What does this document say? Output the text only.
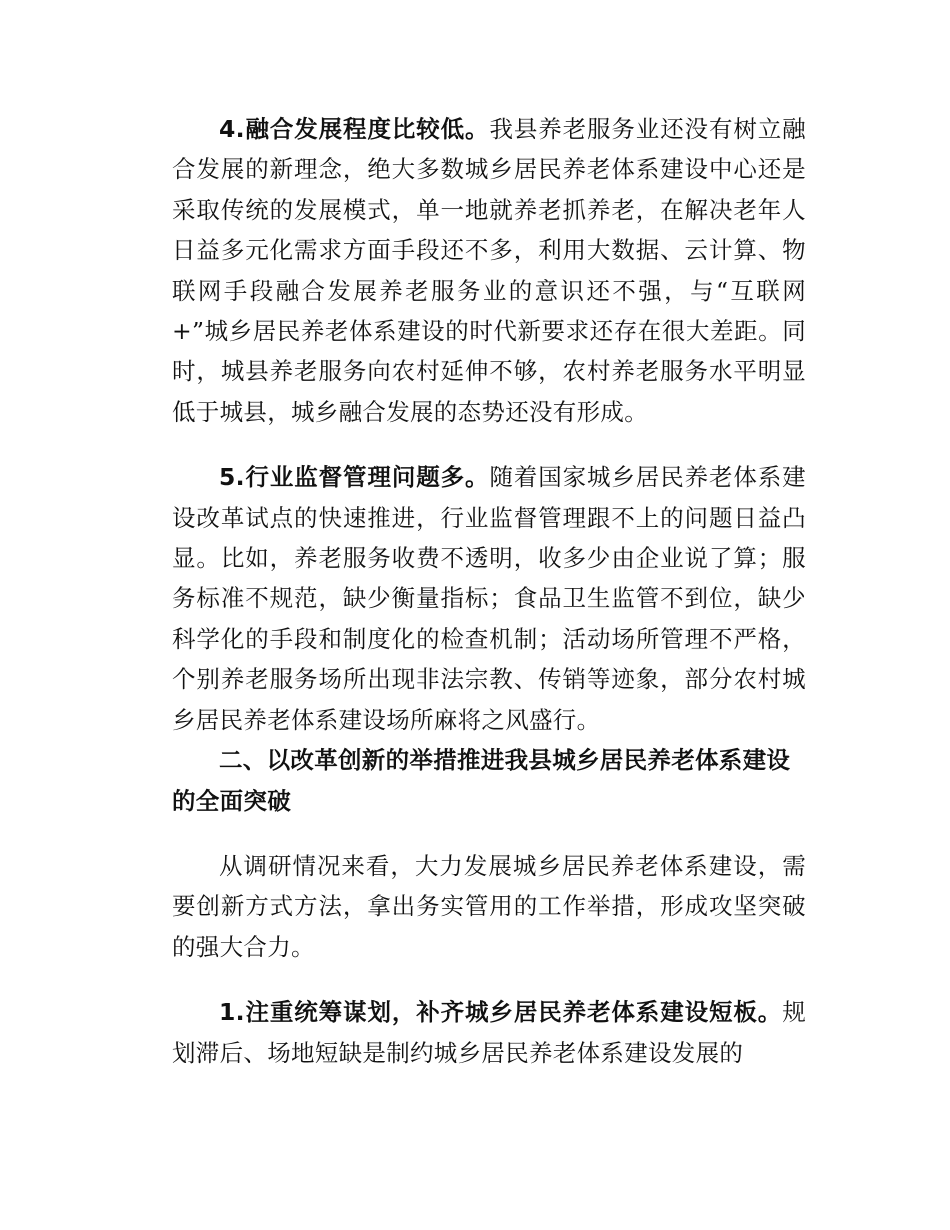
4.融合发展程度比较低。我县养老服务业还没有树立融合发展的新理念，绝大多数城乡居民养老体系建设中心还是采取传统的发展模式，单一地就养老抓养老，在解决老年人日益多元化需求方面手段还不多，利用大数据、云计算、物联网手段融合发展养老服务业的意识还不强，与“互联网+”城乡居民养老体系建设的时代新要求还存在很大差距。同时，城县养老服务向农村延伸不够，农村养老服务水平明显低于城县，城乡融合发展的态势还没有形成。

5.行业监督管理问题多。随着国家城乡居民养老体系建设改革试点的快速推进，行业监督管理跟不上的问题日益凸显。比如，养老服务收费不透明，收多少由企业说了算；服务标准不规范，缺少衡量指标；食品卫生监管不到位，缺少科学化的手段和制度化的检查机制；活动场所管理不严格，个别养老服务场所出现非法宗教、传销等迹象，部分农村城乡居民养老体系建设场所麻将之风盛行。

二、以改革创新的举措推进我县城乡居民养老体系建设的全面突破

从调研情况来看，大力发展城乡居民养老体系建设，需要创新方式方法，拿出务实管用的工作举措，形成攻坚突破的强大合力。

1.注重统筹谋划，补齐城乡居民养老体系建设短板。规划滞后、场地短缺是制约城乡居民养老体系建设发展的
